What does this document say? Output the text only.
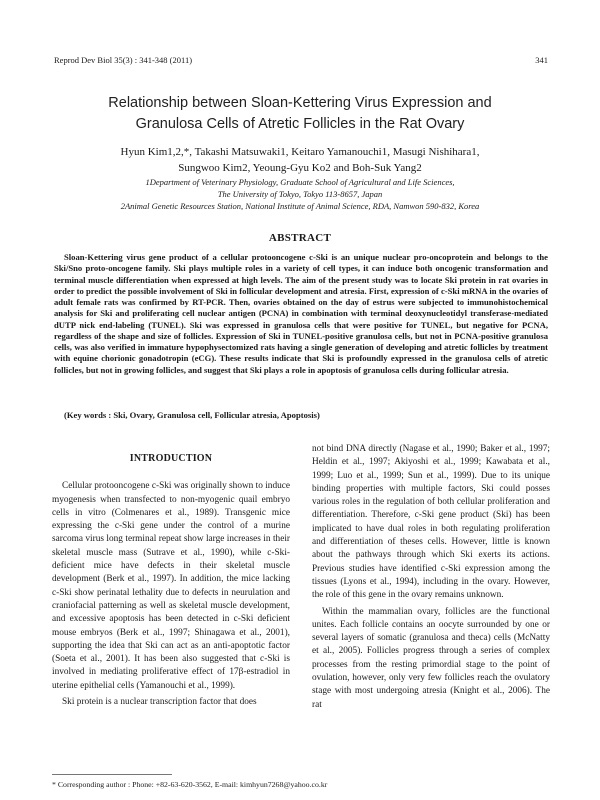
Reprod Dev Biol 35(3) : 341-348 (2011)	341
Relationship between Sloan-Kettering Virus Expression and
Granulosa Cells of Atretic Follicles in the Rat Ovary
Hyun Kim1,2,*, Takashi Matsuwaki1, Keitaro Yamanouchi1, Masugi Nishihara1,
Sungwoo Kim2, Yeoung-Gyu Ko2 and Boh-Suk Yang2
1Department of Veterinary Physiology, Graduate School of Agricultural and Life Sciences,
The University of Tokyo, Tokyo 113-8657, Japan
2Animal Genetic Resources Station, National Institute of Animal Science, RDA, Namwon 590-832, Korea
ABSTRACT
Sloan-Kettering virus gene product of a cellular protooncogene c-Ski is an unique nuclear pro-oncoprotein and belongs to the Ski/Sno proto-oncogene family. Ski plays multiple roles in a variety of cell types, it can induce both oncogenic transformation and terminal muscle differentiation when expressed at high levels. The aim of the present study was to locate Ski protein in rat ovaries in order to predict the possible involvement of Ski in follicular development and atresia. First, expression of c-Ski mRNA in the ovaries of adult female rats was confirmed by RT-PCR. Then, ovaries obtained on the day of estrus were subjected to immunohistochemical analysis for Ski and proliferating cell nuclear antigen (PCNA) in combination with terminal deoxynucleotidyl transferase-mediated dUTP nick end-labeling (TUNEL). Ski was expressed in granulosa cells that were positive for TUNEL, but negative for PCNA, regardless of the shape and size of follicles. Expression of Ski in TUNEL-positive granulosa cells, but not in PCNA-positive granulosa cells, was also verified in immature hypophysectomized rats having a single generation of developing and atretic follicles by treatment with equine chorionic gonadotropin (eCG). These results indicate that Ski is profoundly expressed in the granulosa cells of atretic follicles, but not in growing follicles, and suggest that Ski plays a role in apoptosis of granulosa cells during follicular atresia.
(Key words : Ski, Ovary, Granulosa cell, Follicular atresia, Apoptosis)
INTRODUCTION
Cellular protooncogene c-Ski was originally shown to induce myogenesis when transfected to non-myogenic quail embryo cells in vitro (Colmenares et al., 1989). Transgenic mice expressing the c-Ski gene under the control of a murine sarcoma virus long terminal repeat show large increases in their skeletal muscle mass (Sutrave et al., 1990), while c-Ski-deficient mice have defects in their skeletal muscle development (Berk et al., 1997). In addition, the mice lacking c-Ski show perinatal lethality due to defects in neurulation and craniofacial patterning as well as skeletal muscle development, and excessive apoptosis has been detected in c-Ski deficient mouse embryos (Berk et al., 1997; Shinagawa et al., 2001), supporting the idea that Ski can act as an anti-apoptotic factor (Soeta et al., 2001). It has been also suggested that c-Ski is involved in mediating proliferative effect of 17β-estradiol in uterine epithelial cells (Yamanouchi et al., 1999).
Ski protein is a nuclear transcription factor that does
not bind DNA directly (Nagase et al., 1990; Baker et al., 1997; Heldin et al., 1997; Akiyoshi et al., 1999; Kawabata et al., 1999; Luo et al., 1999; Sun et al., 1999). Due to its unique binding properties with multiple factors, Ski could posses various roles in the regulation of both cellular proliferation and differentiation. Therefore, c-Ski gene product (Ski) has been implicated to have dual roles in both regulating proliferation and differentiation of theses cells. However, little is known about the pathways through which Ski exerts its actions. Previous studies have identified c-Ski expression among the tissues (Lyons et al., 1994), including in the ovary. However, the role of this gene in the ovary remains unknown.
Within the mammalian ovary, follicles are the functional unites. Each follicle contains an oocyte surrounded by one or several layers of somatic (granulosa and theca) cells (McNatty et al., 2005). Follicles progress through a series of complex processes from the resting primordial stage to the point of ovulation, however, only very few follicles reach the ovulatory stage with most undergoing atresia (Knight et al., 2006). The rat
* Corresponding author : Phone: +82-63-620-3562, E-mail: kimhyun7268@yahoo.co.kr
